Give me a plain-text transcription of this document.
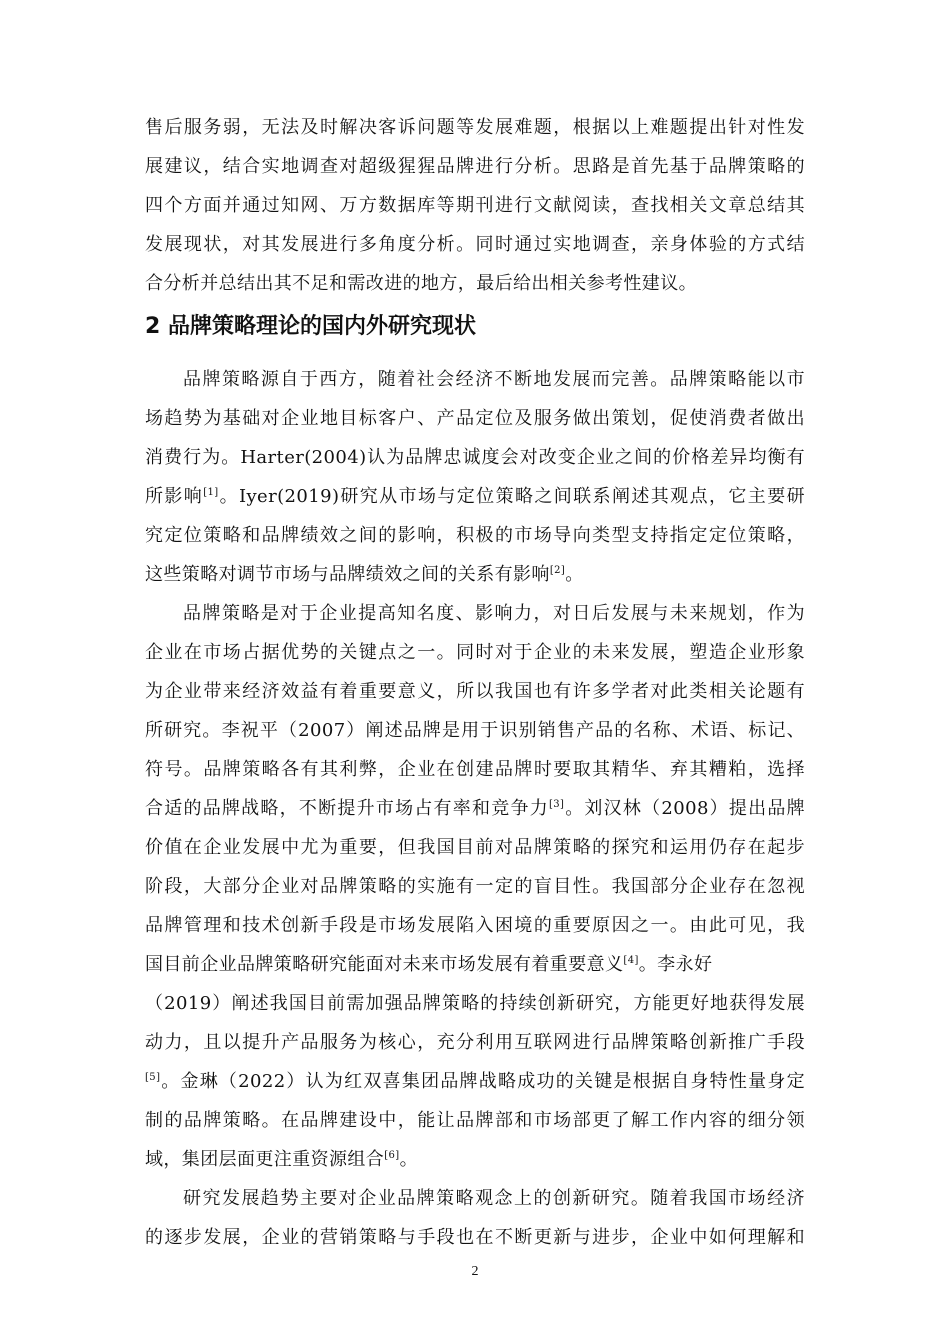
售后服务弱，无法及时解决客诉问题等发展难题，根据以上难题提出针对性发
展建议，结合实地调查对超级猩猩品牌进行分析。思路是首先基于品牌策略的
四个方面并通过知网、万方数据库等期刊进行文献阅读，查找相关文章总结其
发展现状，对其发展进行多角度分析。同时通过实地调查，亲身体验的方式结
合分析并总结出其不足和需改进的地方，最后给出相关参考性建议。
2 品牌策略理论的国内外研究现状
品牌策略源自于西方，随着社会经济不断地发展而完善。品牌策略能以市
场趋势为基础对企业地目标客户、产品定位及服务做出策划，促使消费者做出
消费行为。Harter(2004)认为品牌忠诚度会对改变企业之间的价格差异均衡有
所影响[1]。Iyer(2019)研究从市场与定位策略之间联系阐述其观点，它主要研
究定位策略和品牌绩效之间的影响，积极的市场导向类型支持指定定位策略，
这些策略对调节市场与品牌绩效之间的关系有影响[2]。
品牌策略是对于企业提高知名度、影响力，对日后发展与未来规划，作为
企业在市场占据优势的关键点之一。同时对于企业的未来发展，塑造企业形象
为企业带来经济效益有着重要意义，所以我国也有许多学者对此类相关论题有
所研究。李祝平（2007）阐述品牌是用于识别销售产品的名称、术语、标记、
符号。品牌策略各有其利弊，企业在创建品牌时要取其精华、弃其糟粕，选择
合适的品牌战略，不断提升市场占有率和竞争力[3]。刘汉林（2008）提出品牌
价值在企业发展中尤为重要，但我国目前对品牌策略的探究和运用仍存在起步
阶段，大部分企业对品牌策略的实施有一定的盲目性。我国部分企业存在忽视
品牌管理和技术创新手段是市场发展陷入困境的重要原因之一。由此可见，我
国目前企业品牌策略研究能面对未来市场发展有着重要意义[4]。李永好
（2019）阐述我国目前需加强品牌策略的持续创新研究，方能更好地获得发展
动力，且以提升产品服务为核心，充分利用互联网进行品牌策略创新推广手段
[5]。金琳（2022）认为红双喜集团品牌战略成功的关键是根据自身特性量身定
制的品牌策略。在品牌建设中，能让品牌部和市场部更了解工作内容的细分领
域，集团层面更注重资源组合[6]。
研究发展趋势主要对企业品牌策略观念上的创新研究。随着我国市场经济
的逐步发展，企业的营销策略与手段也在不断更新与进步，企业中如何理解和
2
